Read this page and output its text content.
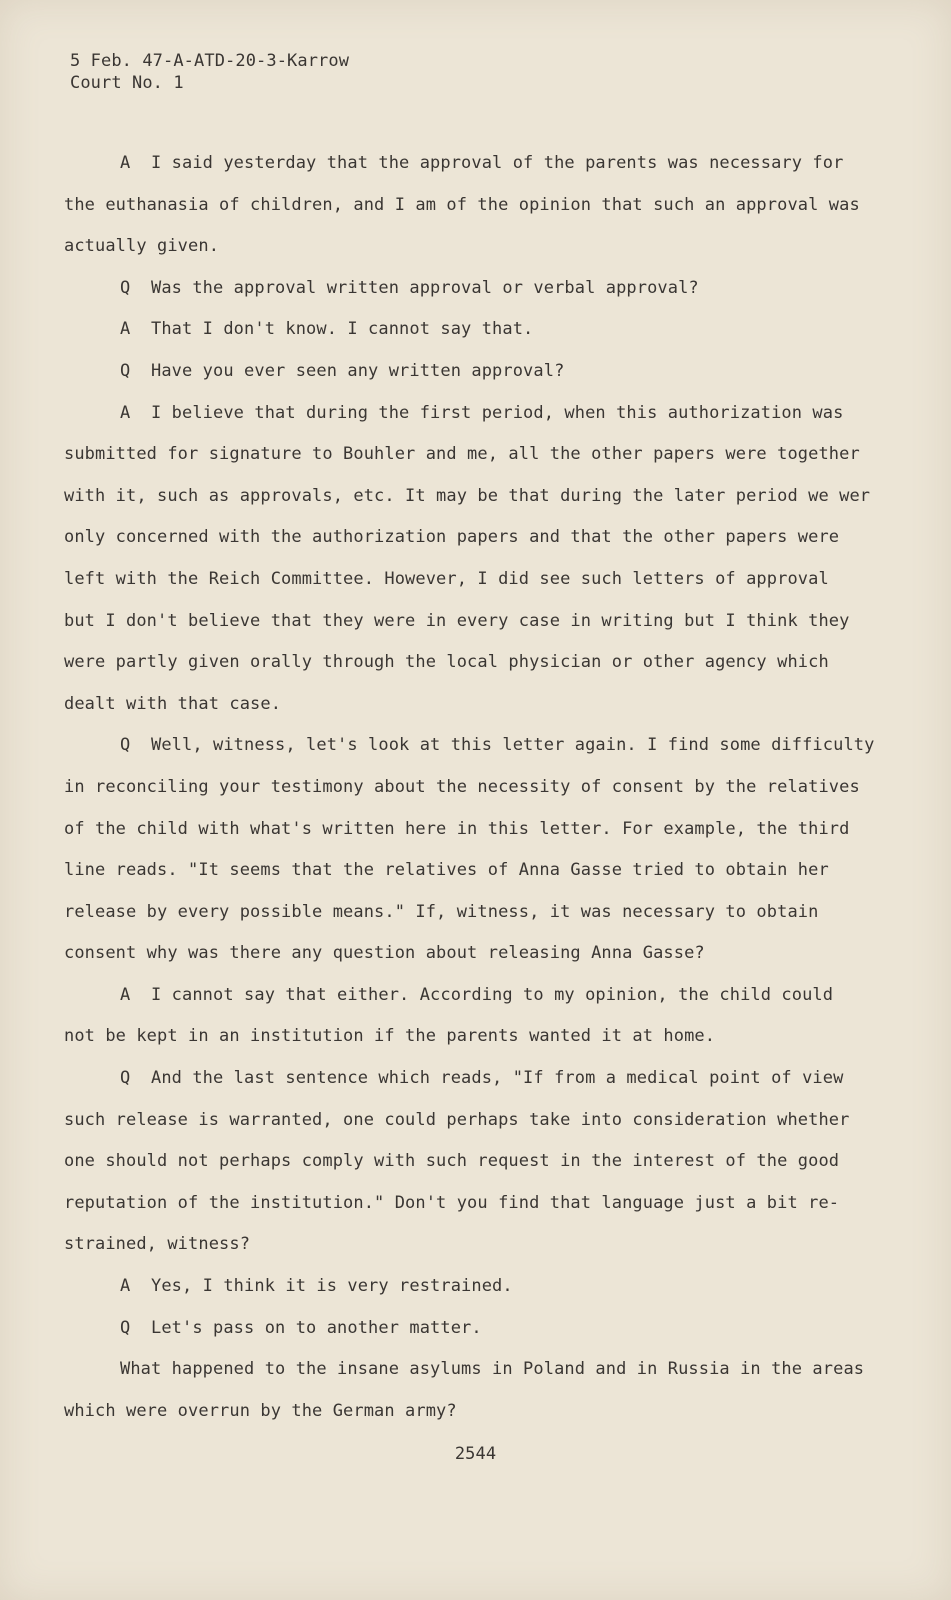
5 Feb. 47-A-ATD-20-3-Karrow
Court No. 1
A  I said yesterday that the approval of the parents was necessary for
the euthanasia of children, and I am of the opinion that such an approval was
actually given.
Q  Was the approval written approval or verbal approval?
A  That I don't know. I cannot say that.
Q  Have you ever seen any written approval?
A  I believe that during the first period, when this authorization was
submitted for signature to Bouhler and me, all the other papers were together
with it, such as approvals, etc. It may be that during the later period we wer
only concerned with the authorization papers and that the other papers were
left with the Reich Committee. However, I did see such letters of approval
but I don't believe that they were in every case in writing but I think they
were partly given orally through the local physician or other agency which
dealt with that case.
Q  Well, witness, let's look at this letter again. I find some difficulty
in reconciling your testimony about the necessity of consent by the relatives
of the child with what's written here in this letter. For example, the third
line reads. "It seems that the relatives of Anna Gasse tried to obtain her
release by every possible means." If, witness, it was necessary to obtain
consent why was there any question about releasing Anna Gasse?
A  I cannot say that either. According to my opinion, the child could
not be kept in an institution if the parents wanted it at home.
Q  And the last sentence which reads, "If from a medical point of view
such release is warranted, one could perhaps take into consideration whether
one should not perhaps comply with such request in the interest of the good
reputation of the institution." Don't you find that language just a bit re-
strained, witness?
A  Yes, I think it is very restrained.
Q  Let's pass on to another matter.
What happened to the insane asylums in Poland and in Russia in the areas
which were overrun by the German army?
2544
